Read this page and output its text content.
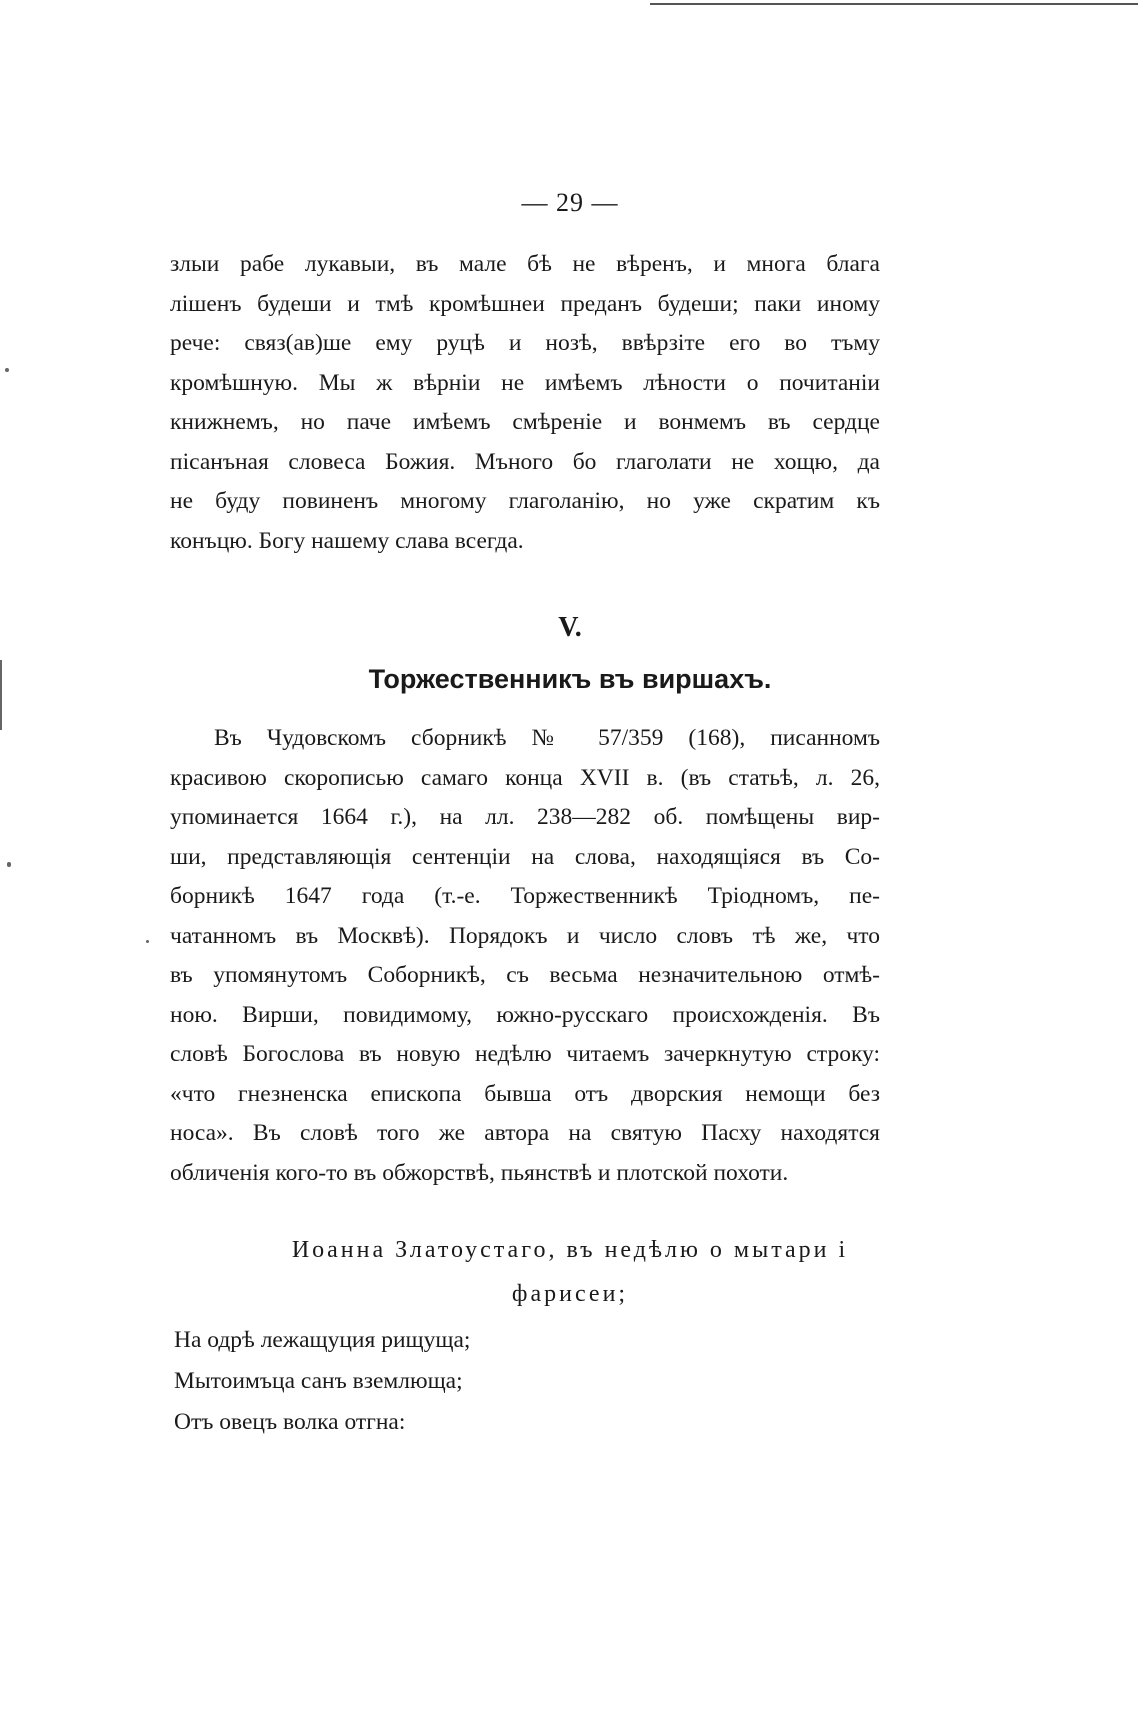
— 29 —
злыи рабе лукавыи, въ мале бѣ не вѣренъ, и многа блага
лішенъ будеши и тмѣ кромѣшнеи преданъ будеши; паки иному
рече: связ(ав)ше ему руцѣ и нозѣ, ввѣрзіте его во тъму
кромѣшную. Мы ж вѣрніи не имѣемъ лѣности о почитаніи
книжнемъ, но паче имѣемъ смѣреніе и вонмемъ въ сердце
пісанъная словеса Божия. Мъного бо глаголати не хощю, да
не буду повиненъ многому глаголанію, но уже скратим къ
конъцю. Богу нашему слава всегда.
V.
Торжественникъ въ виршахъ.
Въ Чудовскомъ сборникѣ № 57/359 (168), писанномъ
красивою скорописью самаго конца XVII в. (въ статьѣ, л. 26,
упоминается 1664 г.), на лл. 238—282 об. помѣщены вир-
ши, представляющія сентенціи на слова, находящіяся въ Со-
борникѣ 1647 года (т.-е. Торжественникѣ Тріодномъ, пе-
чатанномъ въ Москвѣ). Порядокъ и число словъ тѣ же, что
въ упомянутомъ Соборникѣ, съ весьма незначительною отмѣ-
ною. Вирши, повидимому, южно-русскаго происхожденія. Въ
словѣ Богослова въ новую недѣлю читаемъ зачеркнутую строку:
«что гнезненска епископа бывша отъ дворския немощи без
носа». Въ словѣ того же автора на святую Пасху находятся
обличенія кого-то въ обжорствѣ, пьянствѣ и плотской похоти.
Иоанна Златоустаго, въ недѣлю о мытари і
фарисеи;
На одрѣ лежащуция рищуща;
Мытоимъца санъ вземлюща;
Отъ овецъ волка отгна:
